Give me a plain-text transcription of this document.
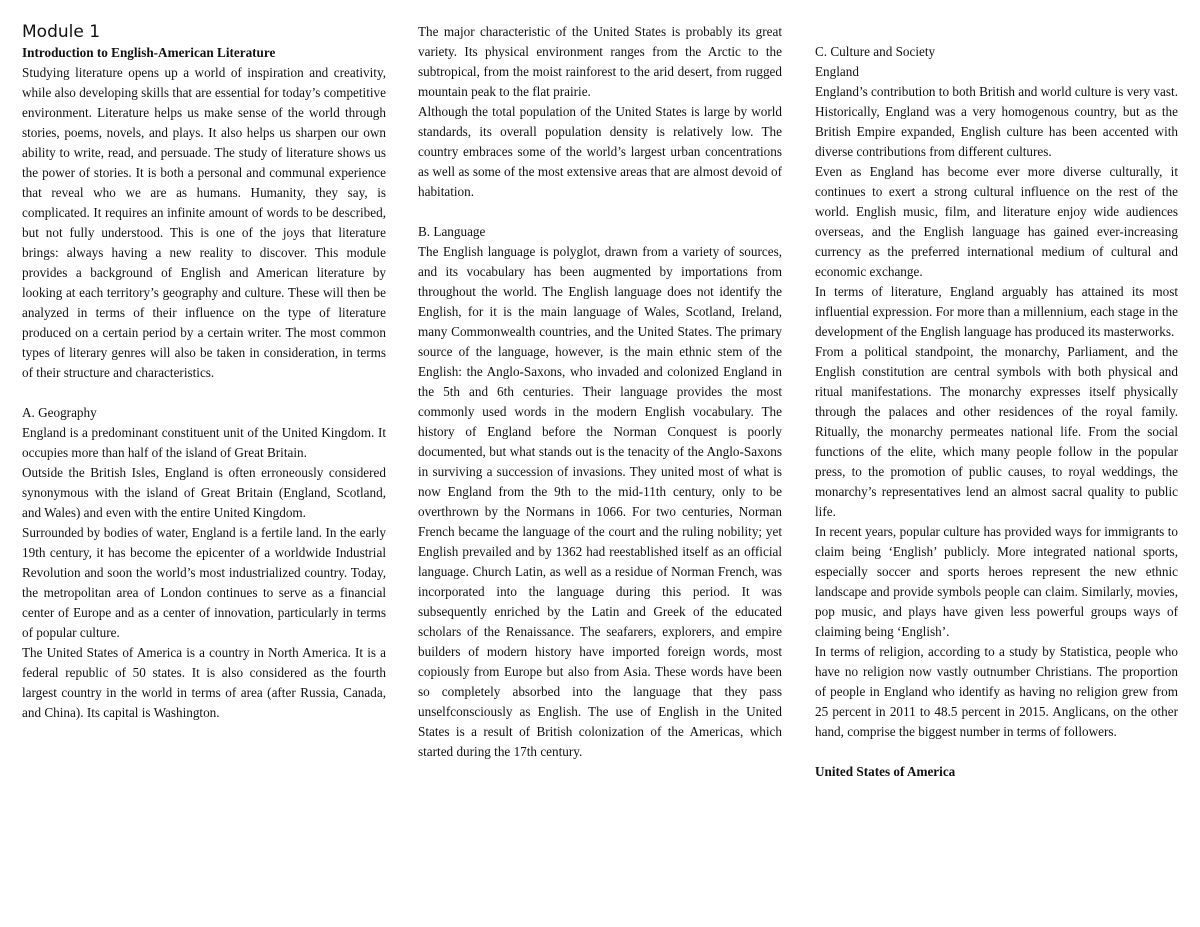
Module 1
Introduction to English-American Literature

Studying literature opens up a world of inspiration and creativity, while also developing skills that are essential for today’s competitive environment. Literature helps us make sense of the world through stories, poems, novels, and plays. It also helps us sharpen our own ability to write, read, and persuade. The study of literature shows us the power of stories. It is both a personal and communal experience that reveal who we are as humans. Humanity, they say, is complicated. It requires an infinite amount of words to be described, but not fully understood. This is one of the joys that literature brings: always having a new reality to discover. This module provides a background of English and American literature by looking at each territory’s geography and culture. These will then be analyzed in terms of their influence on the type of literature produced on a certain period by a certain writer. The most common types of literary genres will also be taken in consideration, in terms of their structure and characteristics.

A. Geography

England is a predominant constituent unit of the United Kingdom. It occupies more than half of the island of Great Britain.

Outside the British Isles, England is often erroneously considered synonymous with the island of Great Britain (England, Scotland, and Wales) and even with the entire United Kingdom.

Surrounded by bodies of water, England is a fertile land. In the early 19th century, it has become the epicenter of a worldwide Industrial Revolution and soon the world’s most industrialized country. Today, the metropolitan area of London continues to serve as a financial center of Europe and as a center of innovation, particularly in terms of popular culture.

The United States of America is a country in North America. It is a federal republic of 50 states. It is also considered as the fourth largest country in the world in terms of area (after Russia, Canada, and China). Its capital is Washington.

The major characteristic of the United States is probably its great variety. Its physical environment ranges from the Arctic to the subtropical, from the moist rainforest to the arid desert, from rugged mountain peak to the flat prairie.

Although the total population of the United States is large by world standards, its overall population density is relatively low. The country embraces some of the world’s largest urban concentrations as well as some of the most extensive areas that are almost devoid of habitation.

B. Language

The English language is polyglot, drawn from a variety of sources, and its vocabulary has been augmented by importations from throughout the world. The English language does not identify the English, for it is the main language of Wales, Scotland, Ireland, many Commonwealth countries, and the United States. The primary source of the language, however, is the main ethnic stem of the English: the Anglo-Saxons, who invaded and colonized England in the 5th and 6th centuries. Their language provides the most commonly used words in the modern English vocabulary. The history of England before the Norman Conquest is poorly documented, but what stands out is the tenacity of the Anglo-Saxons in surviving a succession of invasions. They united most of what is now England from the 9th to the mid-11th century, only to be overthrown by the Normans in 1066. For two centuries, Norman French became the language of the court and the ruling nobility; yet English prevailed and by 1362 had reestablished itself as an official language. Church Latin, as well as a residue of Norman French, was incorporated into the language during this period. It was subsequently enriched by the Latin and Greek of the educated scholars of the Renaissance. The seafarers, explorers, and empire builders of modern history have imported foreign words, most copiously from Europe but also from Asia. These words have been so completely absorbed into the language that they pass unselfconsciously as English. The use of English in the United States is a result of British colonization of the Americas, which started during the 17th century.

C. Culture and Society
England

England’s contribution to both British and world culture is very vast. Historically, England was a very homogenous country, but as the British Empire expanded, English culture has been accented with diverse contributions from different cultures.

Even as England has become ever more diverse culturally, it continues to exert a strong cultural influence on the rest of the world. English music, film, and literature enjoy wide audiences overseas, and the English language has gained ever-increasing currency as the preferred international medium of cultural and economic exchange.

In terms of literature, England arguably has attained its most influential expression. For more than a millennium, each stage in the development of the English language has produced its masterworks.

From a political standpoint, the monarchy, Parliament, and the English constitution are central symbols with both physical and ritual manifestations. The monarchy expresses itself physically through the palaces and other residences of the royal family. Ritually, the monarchy permeates national life. From the social functions of the elite, which many people follow in the popular press, to the promotion of public causes, to royal weddings, the monarchy’s representatives lend an almost sacral quality to public life.

In recent years, popular culture has provided ways for immigrants to claim being ‘English’ publicly. More integrated national sports, especially soccer and sports heroes represent the new ethnic landscape and provide symbols people can claim. Similarly, movies, pop music, and plays have given less powerful groups ways of claiming being ‘English’.

In terms of religion, according to a study by Statistica, people who have no religion now vastly outnumber Christians. The proportion of people in England who identify as having no religion grew from 25 percent in 2011 to 48.5 percent in 2015. Anglicans, on the other hand, comprise the biggest number in terms of followers.

United States of America
